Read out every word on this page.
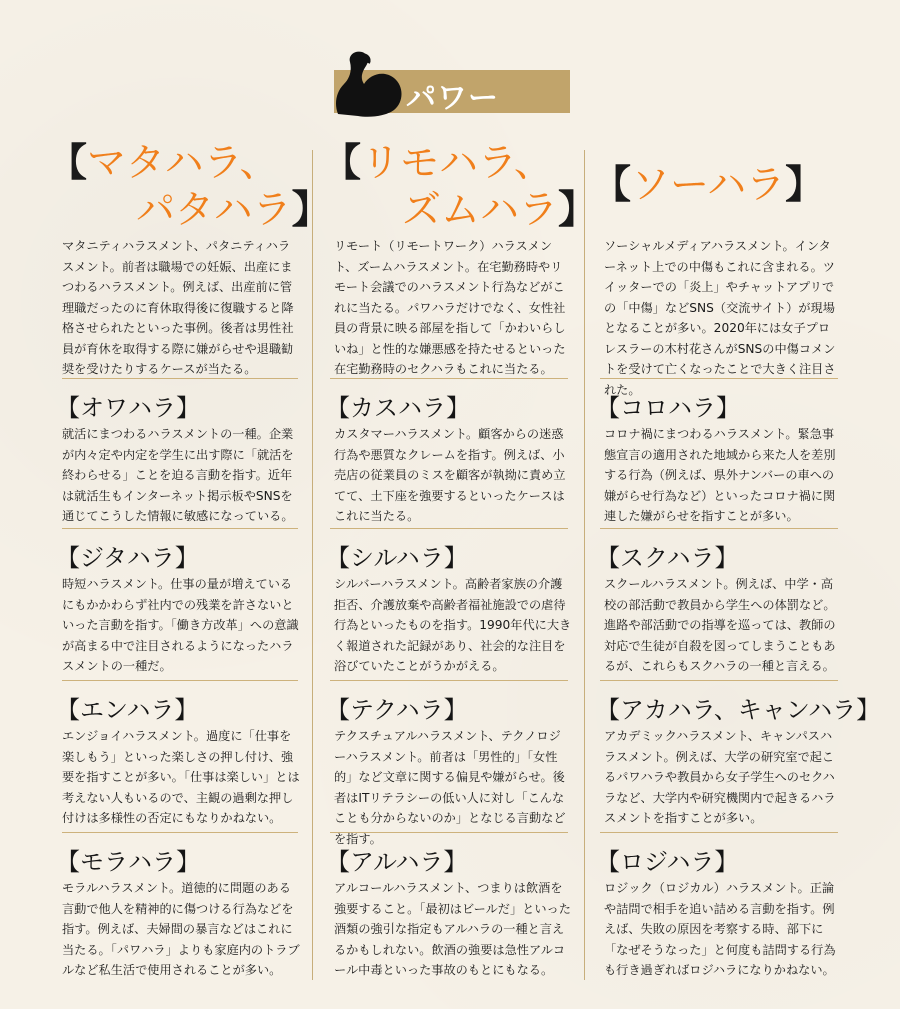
パワー
【マタハラ、
パタハラ】
マタニティハラスメント、パタニティハラスメント。前者は職場での妊娠、出産にまつわるハラスメント。例えば、出産前に管理職だったのに育休取得後に復職すると降格させられたといった事例。後者は男性社員が育休を取得する際に嫌がらせや退職勧奨を受けたりするケースが当たる。
【リモハラ、
ズムハラ】
リモート（リモートワーク）ハラスメント、ズームハラスメント。在宅勤務時やリモート会議でのハラスメント行為などがこれに当たる。パワハラだけでなく、女性社員の背景に映る部屋を指して「かわいらしいね」と性的な嫌悪感を持たせるといった在宅勤務時のセクハラもこれに当たる。
【ソーハラ】
ソーシャルメディアハラスメント。インターネット上での中傷もこれに含まれる。ツイッターでの「炎上」やチャットアプリでの「中傷」などSNS（交流サイト）が現場となることが多い。2020年には女子プロレスラーの木村花さんがSNSの中傷コメントを受けて亡くなったことで大きく注目された。
【オワハラ】
就活にまつわるハラスメントの一種。企業が内々定や内定を学生に出す際に「就活を終わらせる」ことを迫る言動を指す。近年は就活生もインターネット掲示板やSNSを通じてこうした情報に敏感になっている。
【カスハラ】
カスタマーハラスメント。顧客からの迷惑行為や悪質なクレームを指す。例えば、小売店の従業員のミスを顧客が執拗に責め立てて、土下座を強要するといったケースはこれに当たる。
【コロハラ】
コロナ禍にまつわるハラスメント。緊急事態宣言の適用された地域から来た人を差別する行為（例えば、県外ナンバーの車への嫌がらせ行為など）といったコロナ禍に関連した嫌がらせを指すことが多い。
【ジタハラ】
時短ハラスメント。仕事の量が増えているにもかかわらず社内での残業を許さないといった言動を指す。「働き方改革」への意識が高まる中で注目されるようになったハラスメントの一種だ。
【シルハラ】
シルバーハラスメント。高齢者家族の介護拒否、介護放棄や高齢者福祉施設での虐待行為といったものを指す。1990年代に大きく報道された記録があり、社会的な注目を浴びていたことがうかがえる。
【スクハラ】
スクールハラスメント。例えば、中学・高校の部活動で教員から学生への体罰など。進路や部活動での指導を巡っては、教師の対応で生徒が自殺を図ってしまうこともあるが、これらもスクハラの一種と言える。
【エンハラ】
エンジョイハラスメント。過度に「仕事を楽しもう」といった楽しさの押し付け、強要を指すことが多い。「仕事は楽しい」とは考えない人もいるので、主観の過剰な押し付けは多様性の否定にもなりかねない。
【テクハラ】
テクスチュアルハラスメント、テクノロジーハラスメント。前者は「男性的」「女性的」など文章に関する偏見や嫌がらせ。後者はITリテラシーの低い人に対し「こんなことも分からないのか」となじる言動などを指す。
【アカハラ、キャンハラ】
アカデミックハラスメント、キャンパスハラスメント。例えば、大学の研究室で起こるパワハラや教員から女子学生へのセクハラなど、大学内や研究機関内で起きるハラスメントを指すことが多い。
【モラハラ】
モラルハラスメント。道徳的に問題のある言動で他人を精神的に傷つける行為などを指す。例えば、夫婦間の暴言などはこれに当たる。「パワハラ」よりも家庭内のトラブルなど私生活で使用されることが多い。
【アルハラ】
アルコールハラスメント、つまりは飲酒を強要すること。「最初はビールだ」といった酒類の強引な指定もアルハラの一種と言えるかもしれない。飲酒の強要は急性アルコール中毒といった事故のもとにもなる。
【ロジハラ】
ロジック（ロジカル）ハラスメント。正論や詰問で相手を追い詰める言動を指す。例えば、失敗の原因を考察する時、部下に「なぜそうなった」と何度も詰問する行為も行き過ぎればロジハラになりかねない。
